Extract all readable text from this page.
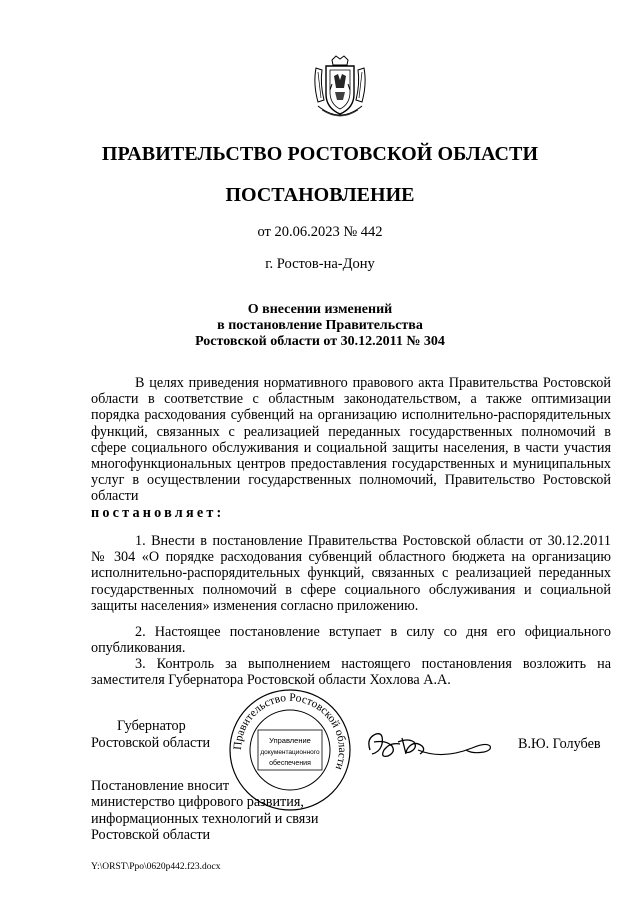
ПРАВИТЕЛЬСТВО РОСТОВСКОЙ ОБЛАСТИ
ПОСТАНОВЛЕНИЕ
от 20.06.2023 № 442
г. Ростов-на-Дону
О внесении изменений
в постановление Правительства
Ростовской области от 30.12.2011 № 304
В целях приведения нормативного правового акта Правительства Ростовской области в соответствие с областным законодательством, а также оптимизации порядка расходования субвенций на организацию исполнительно-распорядительных функций, связанных с реализацией переданных государственных полномочий в сфере социального обслуживания и социальной защиты населения, в части участия многофункциональных центров предоставления государственных и муниципальных услуг в осуществлении государственных полномочий, Правительство Ростовской области
постановляет:
1. Внести в постановление Правительства Ростовской области от 30.12.2011 № 304 «О порядке расходования субвенций областного бюджета на организацию исполнительно-распорядительных функций, связанных с реализацией переданных государственных полномочий в сфере социального обслуживания и социальной защиты населения» изменения согласно приложению.
2. Настоящее постановление вступает в силу со дня его официального опубликования.
3. Контроль за выполнением настоящего постановления возложить на заместителя Губернатора Ростовской области Хохлова А.А.
Губернатор
Ростовской области Правительство Ростовской области
Управление
документационного
обеспечения
В.Ю. Голубев
Постановление вносит
министерство цифрового развития,
информационных технологий и связи
Ростовской области
Y:\ORST\Ppo\0620p442.f23.docx
